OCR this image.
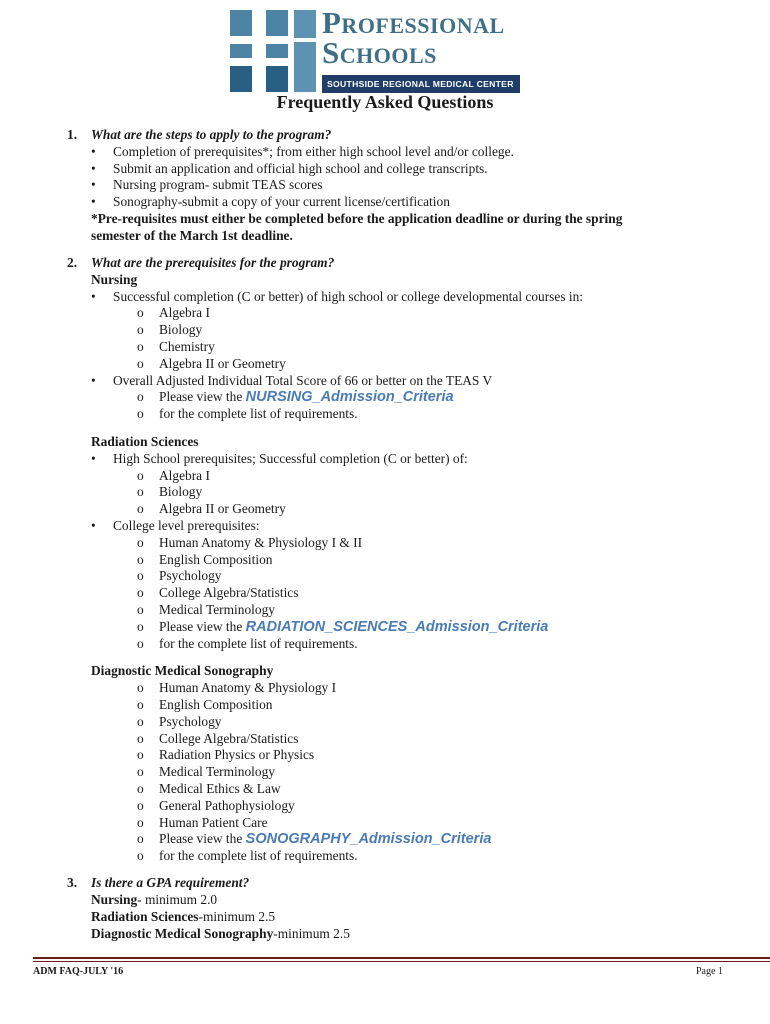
Professional
Schools
SOUTHSIDE REGIONAL MEDICAL CENTER
Frequently Asked Questions
1. What are the steps to apply to the program?
• Completion of prerequisites*; from either high school level and/or college.
• Submit an application and official high school and college transcripts.
• Nursing program- submit TEAS scores
• Sonography-submit a copy of your current license/certification
*Pre-requisites must either be completed before the application deadline or during the spring
semester of the March 1st deadline.
2. What are the prerequisites for the program?
Nursing
• Successful completion (C or better) of high school or college developmental courses in:
o Algebra I
o Biology
o Chemistry
o Algebra II or Geometry
• Overall Adjusted Individual Total Score of 66 or better on the TEAS V
o Please view the NURSING_Admission_Criteria
o for the complete list of requirements.
Radiation Sciences
• High School prerequisites; Successful completion (C or better) of:
o Algebra I
o Biology
o Algebra II or Geometry
• College level prerequisites:
o Human Anatomy & Physiology I & II
o English Composition
o Psychology
o College Algebra/Statistics
o Medical Terminology
o Please view the RADIATION_SCIENCES_Admission_Criteria
o for the complete list of requirements.
Diagnostic Medical Sonography
o Human Anatomy & Physiology I
o English Composition
o Psychology
o College Algebra/Statistics
o Radiation Physics or Physics
o Medical Terminology
o Medical Ethics & Law
o General Pathophysiology
o Human Patient Care
o Please view the SONOGRAPHY_Admission_Criteria
o for the complete list of requirements.
3. Is there a GPA requirement?
Nursing- minimum 2.0
Radiation Sciences-minimum 2.5
Diagnostic Medical Sonography-minimum 2.5
ADM FAQ-JULY '16	Page 1
